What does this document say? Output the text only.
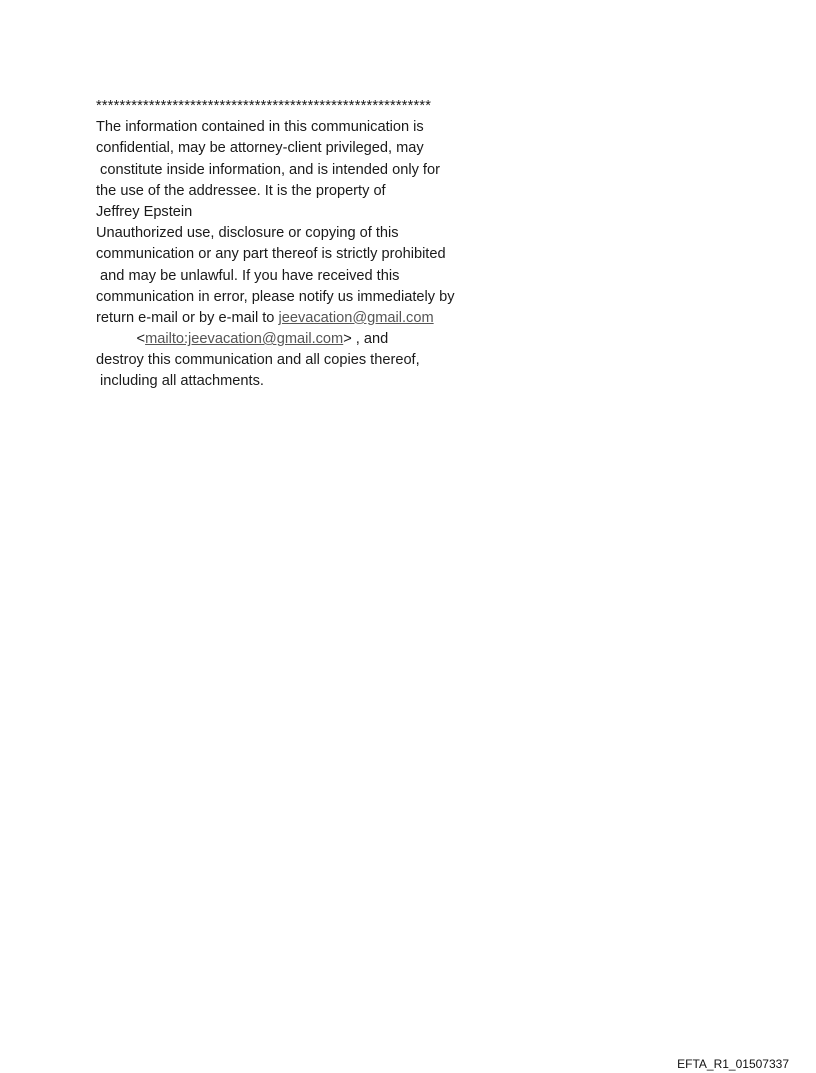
*********************************************************
The information contained in this communication is
confidential, may be attorney-client privileged, may
constitute inside information, and is intended only for
the use of the addressee. It is the property of
Jeffrey Epstein
Unauthorized use, disclosure or copying of this
communication or any part thereof is strictly prohibited
and may be unlawful. If you have received this
communication in error, please notify us immediately by
return e-mail or by e-mail to jeevacation@gmail.com
<mailto:jeevacation@gmail.com> , and
destroy this communication and all copies thereof,
including all attachments.
EFTA_R1_01507337
